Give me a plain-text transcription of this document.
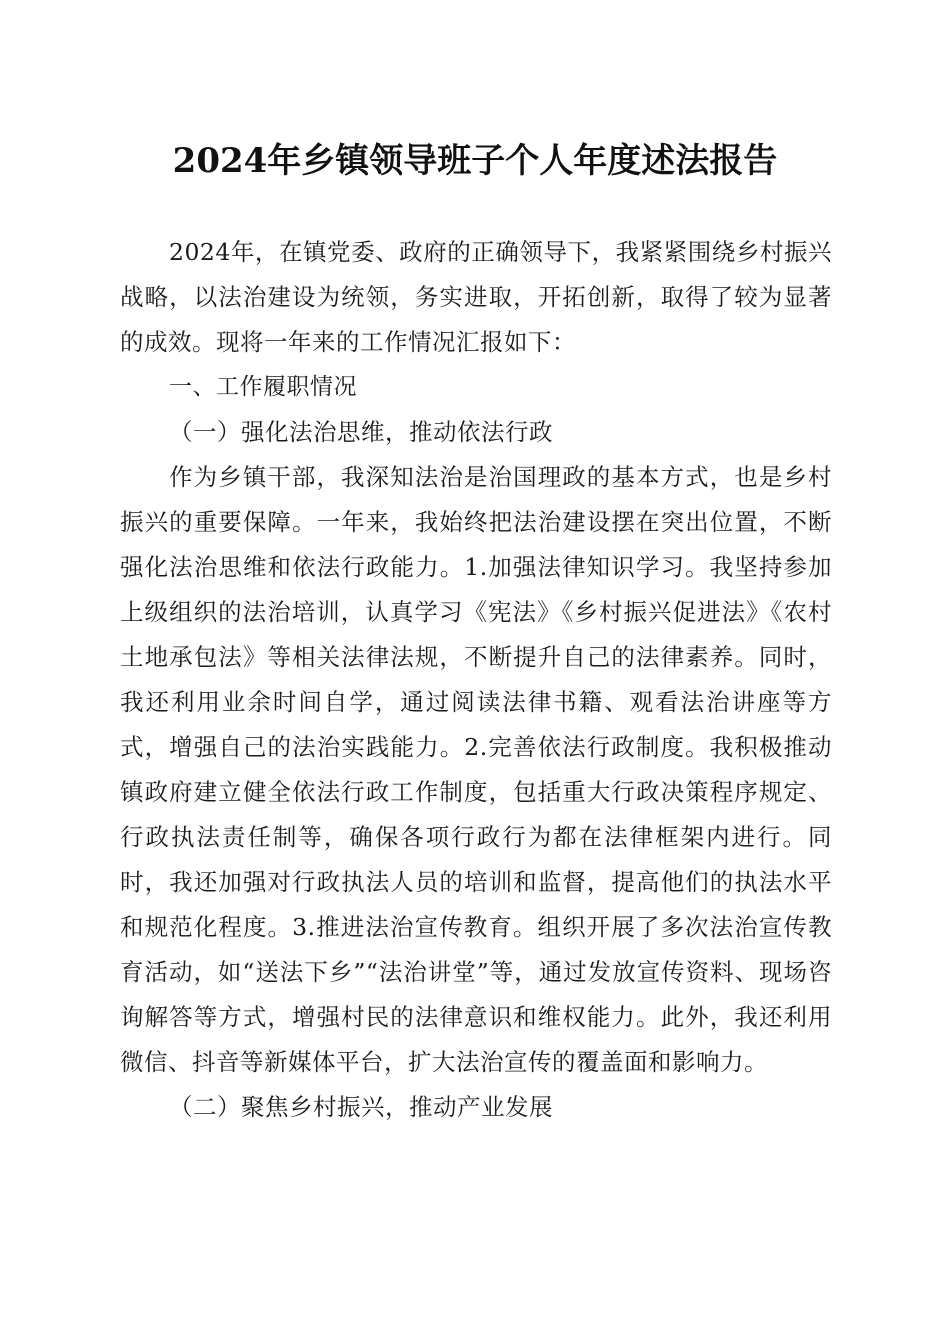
2024年乡镇领导班子个人年度述法报告

2024年，在镇党委、政府的正确领导下，我紧紧围绕乡村振兴战略，以法治建设为统领，务实进取，开拓创新，取得了较为显著的成效。现将一年来的工作情况汇报如下：

一、工作履职情况

（一）强化法治思维，推动依法行政

作为乡镇干部，我深知法治是治国理政的基本方式，也是乡村振兴的重要保障。一年来，我始终把法治建设摆在突出位置，不断强化法治思维和依法行政能力。1.加强法律知识学习。我坚持参加上级组织的法治培训，认真学习《宪法》《乡村振兴促进法》《农村土地承包法》等相关法律法规，不断提升自己的法律素养。同时，我还利用业余时间自学，通过阅读法律书籍、观看法治讲座等方式，增强自己的法治实践能力。2.完善依法行政制度。我积极推动镇政府建立健全依法行政工作制度，包括重大行政决策程序规定、行政执法责任制等，确保各项行政行为都在法律框架内进行。同时，我还加强对行政执法人员的培训和监督，提高他们的执法水平和规范化程度。3.推进法治宣传教育。组织开展了多次法治宣传教育活动，如“送法下乡”“法治讲堂”等，通过发放宣传资料、现场咨询解答等方式，增强村民的法律意识和维权能力。此外，我还利用微信、抖音等新媒体平台，扩大法治宣传的覆盖面和影响力。

（二）聚焦乡村振兴，推动产业发展
